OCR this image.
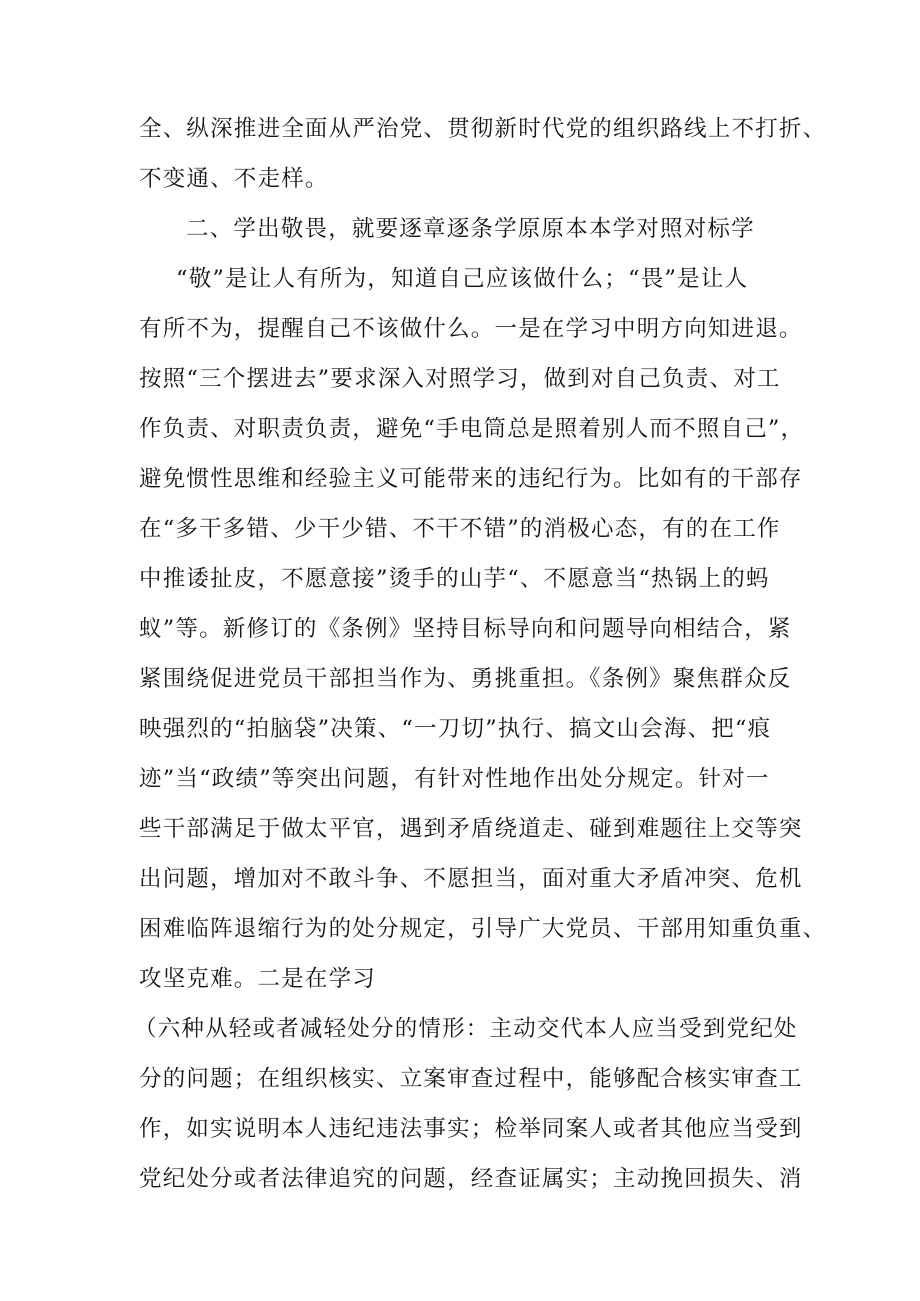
全、纵深推进全面从严治党、贯彻新时代党的组织路线上不打折、
不变通、不走样。
二、学出敬畏，就要逐章逐条学原原本本学对照对标学
“敬”是让人有所为，知道自己应该做什么；“畏”是让人
有所不为，提醒自己不该做什么。一是在学习中明方向知进退。
按照“三个摆进去”要求深入对照学习，做到对自己负责、对工
作负责、对职责负责，避免“手电筒总是照着别人而不照自己”，
避免惯性思维和经验主义可能带来的违纪行为。比如有的干部存
在“多干多错、少干少错、不干不错”的消极心态，有的在工作
中推诿扯皮，不愿意接”烫手的山芋“、不愿意当“热锅上的蚂
蚁”等。新修订的《条例》坚持目标导向和问题导向相结合，紧
紧围绕促进党员干部担当作为、勇挑重担。《条例》聚焦群众反
映强烈的“拍脑袋”决策、“一刀切”执行、搞文山会海、把“痕
迹”当“政绩”等突出问题，有针对性地作出处分规定。针对一
些干部满足于做太平官，遇到矛盾绕道走、碰到难题往上交等突
出问题，增加对不敢斗争、不愿担当，面对重大矛盾冲突、危机
困难临阵退缩行为的处分规定，引导广大党员、干部用知重负重、
攻坚克难。二是在学习
（六种从轻或者减轻处分的情形：主动交代本人应当受到党纪处
分的问题；在组织核实、立案审查过程中，能够配合核实审查工
作，如实说明本人违纪违法事实；检举同案人或者其他应当受到
党纪处分或者法律追究的问题，经查证属实；主动挽回损失、消
